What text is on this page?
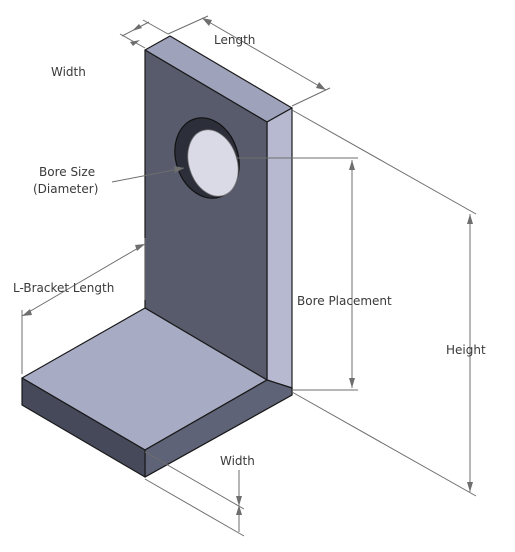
Length
Width
Bore Size
(Diameter)
L-Bracket Length
Bore Placement
Height
Width
